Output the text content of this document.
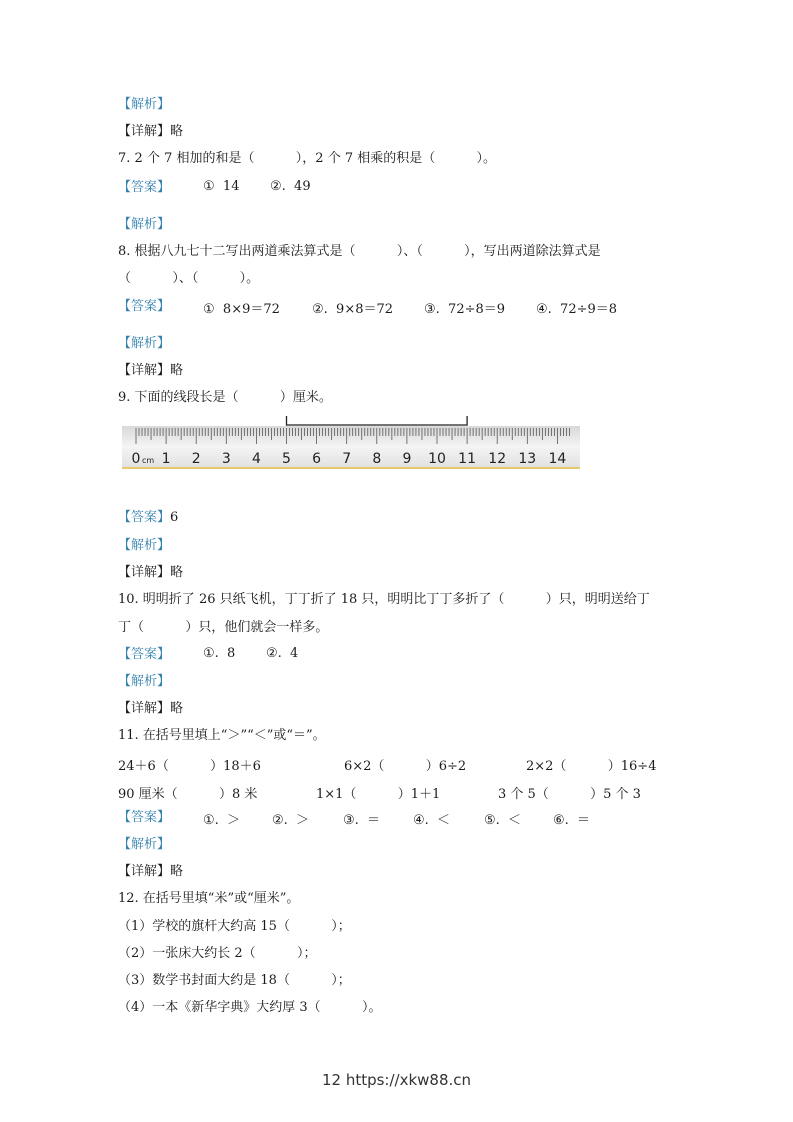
【解析】
【详解】略
7. 2 个 7 相加的和是（          ），2 个 7 相乘的积是（          ）。
【答案】	①  14 ②.  49
【解析】
8. 根据八九七十二写出两道乘法算式是（          ）、（          ），写出两道除法算式是
（          ）、（          ）。
【答案】	①  8×9＝72 ②.  9×8＝72 ③.  72÷8＝9 ④.  72÷9＝8
【解析】
【详解】略
9. 下面的线段长是（          ）厘米。
0 cm 1 2 3 4 5 6 7 8 9 10 11 12 13 14
【答案】6
【解析】
【详解】略
10. 明明折了 26 只纸飞机，丁丁折了 18 只，明明比丁丁多折了（          ）只，明明送给丁
丁（          ）只，他们就会一样多。
【答案】	①.  8 ②.  4
【解析】
【详解】略
11. 在括号里填上“＞”“＜”或“＝”。
24＋6（          ）18＋6	6×2（          ）6÷2	2×2（          ）16÷4
90 厘米（          ）8 米	1×1（          ）1＋1	3 个 5（          ）5 个 3
【答案】	①.  ＞ ②.  ＞	③.  ＝	④.  ＜	⑤.  ＜ ⑥.  ＝
【解析】
【详解】略
12. 在括号里填“米”或“厘米”。
（1）学校的旗杆大约高 15（          ）；
（2）一张床大约长 2（          ）；
（3）数学书封面大约是 18（          ）；
（4）一本《新华字典》大约厚 3（          ）。
12 https://xkw88.cn
